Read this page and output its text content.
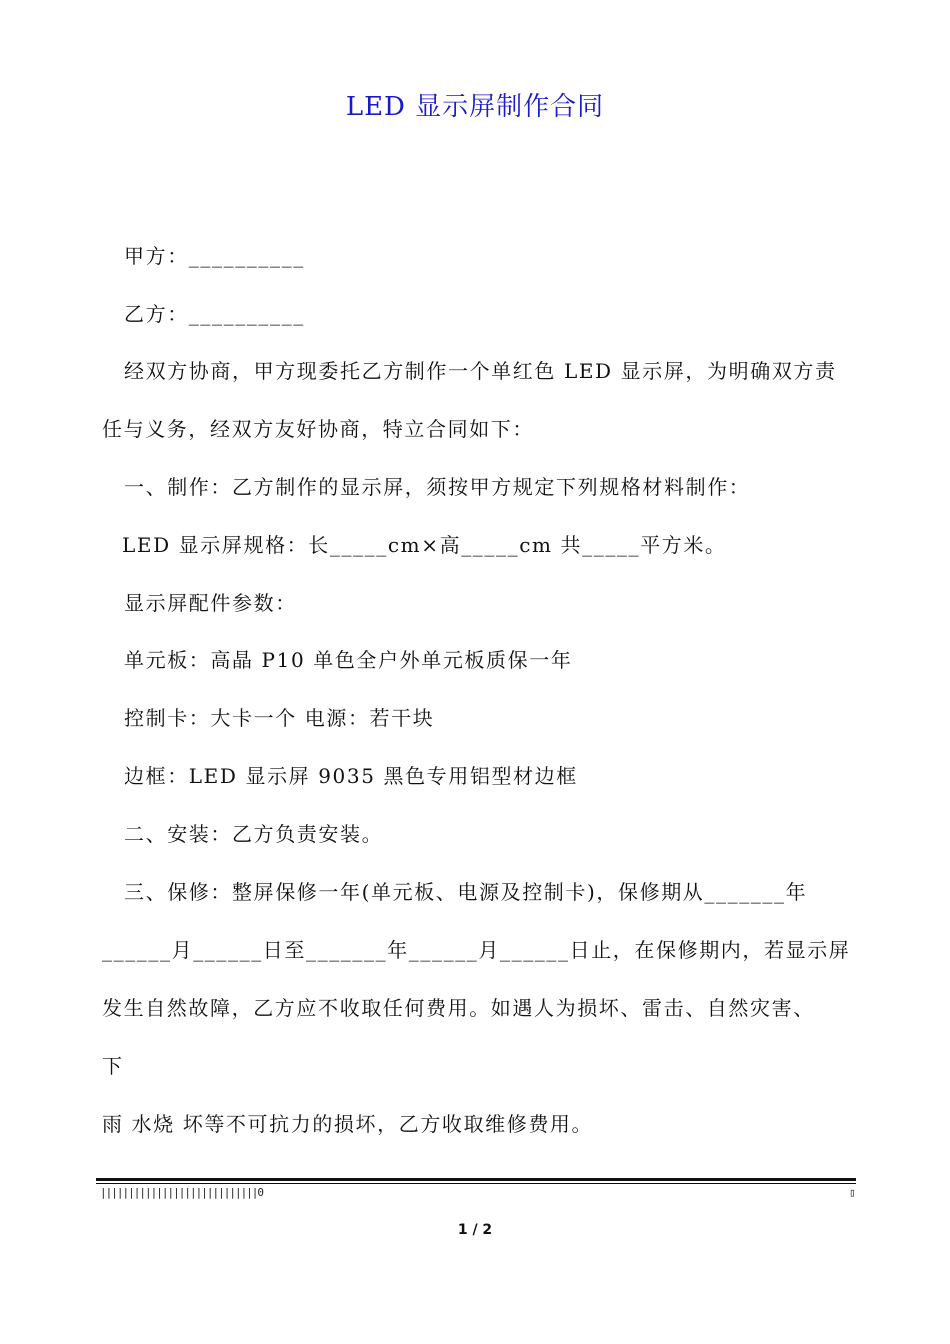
LED 显示屏制作合同
甲方：__________
乙方：__________
经双方协商，甲方现委托乙方制作一个单红色 LED 显示屏，为明确双方责
任与义务，经双方友好协商，特立合同如下：
一、制作：乙方制作的显示屏，须按甲方规定下列规格材料制作：
LED 显示屏规格：长_____cm×高_____cm 共_____平方米。
显示屏配件参数：
单元板：高晶 P10 单色全户外单元板质保一年
控制卡：大卡一个 电源：若干块
边框：LED 显示屏 9035 黑色专用铝型材边框
二、安装：乙方负责安装。
三、保修：整屏保修一年(单元板、电源及控制卡)，保修期从_______年
______月______日至_______年______月______日止，在保修期内，若显示屏
发生自然故障，乙方应不收取任何费用。如遇人为损坏、雷击、自然灾害、
下
雨 水烧 坏等不可抗力的损坏，乙方收取维修费用。
||||||||||||||||||||||||||||0	▯
1 / 2
